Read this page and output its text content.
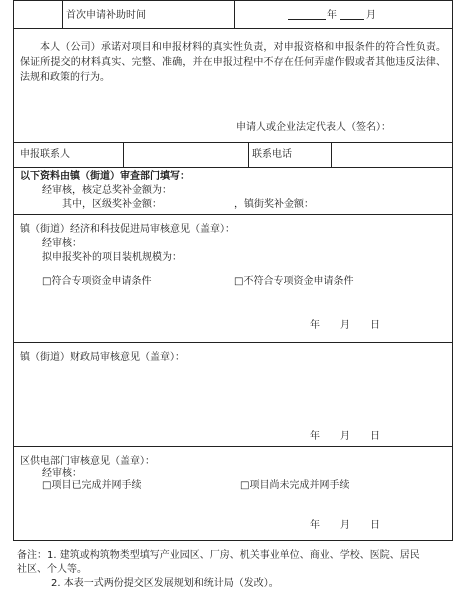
首次申请补助时间	年	月
本人（公司）承诺对项目和申报材料的真实性负责，对申报资格和申报条件的符合性负责。保证所提交的材料真实、完整、准确，并在申报过程中不存在任何弄虚作假或者其他违反法律、法规和政策的行为。
申请人或企业法定代表人（签名）：
申报联系人	联系电话
以下资料由镇（街道）审查部门填写：
经审核，核定总奖补金额为：
其中，区级奖补金额：	，镇街奖补金额：
镇（街道）经济和科技促进局审核意见（盖章）：
经审核：
拟申报奖补的项目装机规模为：
□符合专项资金申请条件	□不符合专项资金申请条件
年　　月　　日
镇（街道）财政局审核意见（盖章）：
年　　月　　日
区供电部门审核意见（盖章）：
经审核：
□项目已完成并网手续	□项目尚未完成并网手续
年　　月　　日
备注：1. 建筑或构筑物类型填写产业园区、厂房、机关事业单位、商业、学校、医院、居民
社区、个人等。
2. 本表一式两份提交区发展规划和统计局（发改）。
